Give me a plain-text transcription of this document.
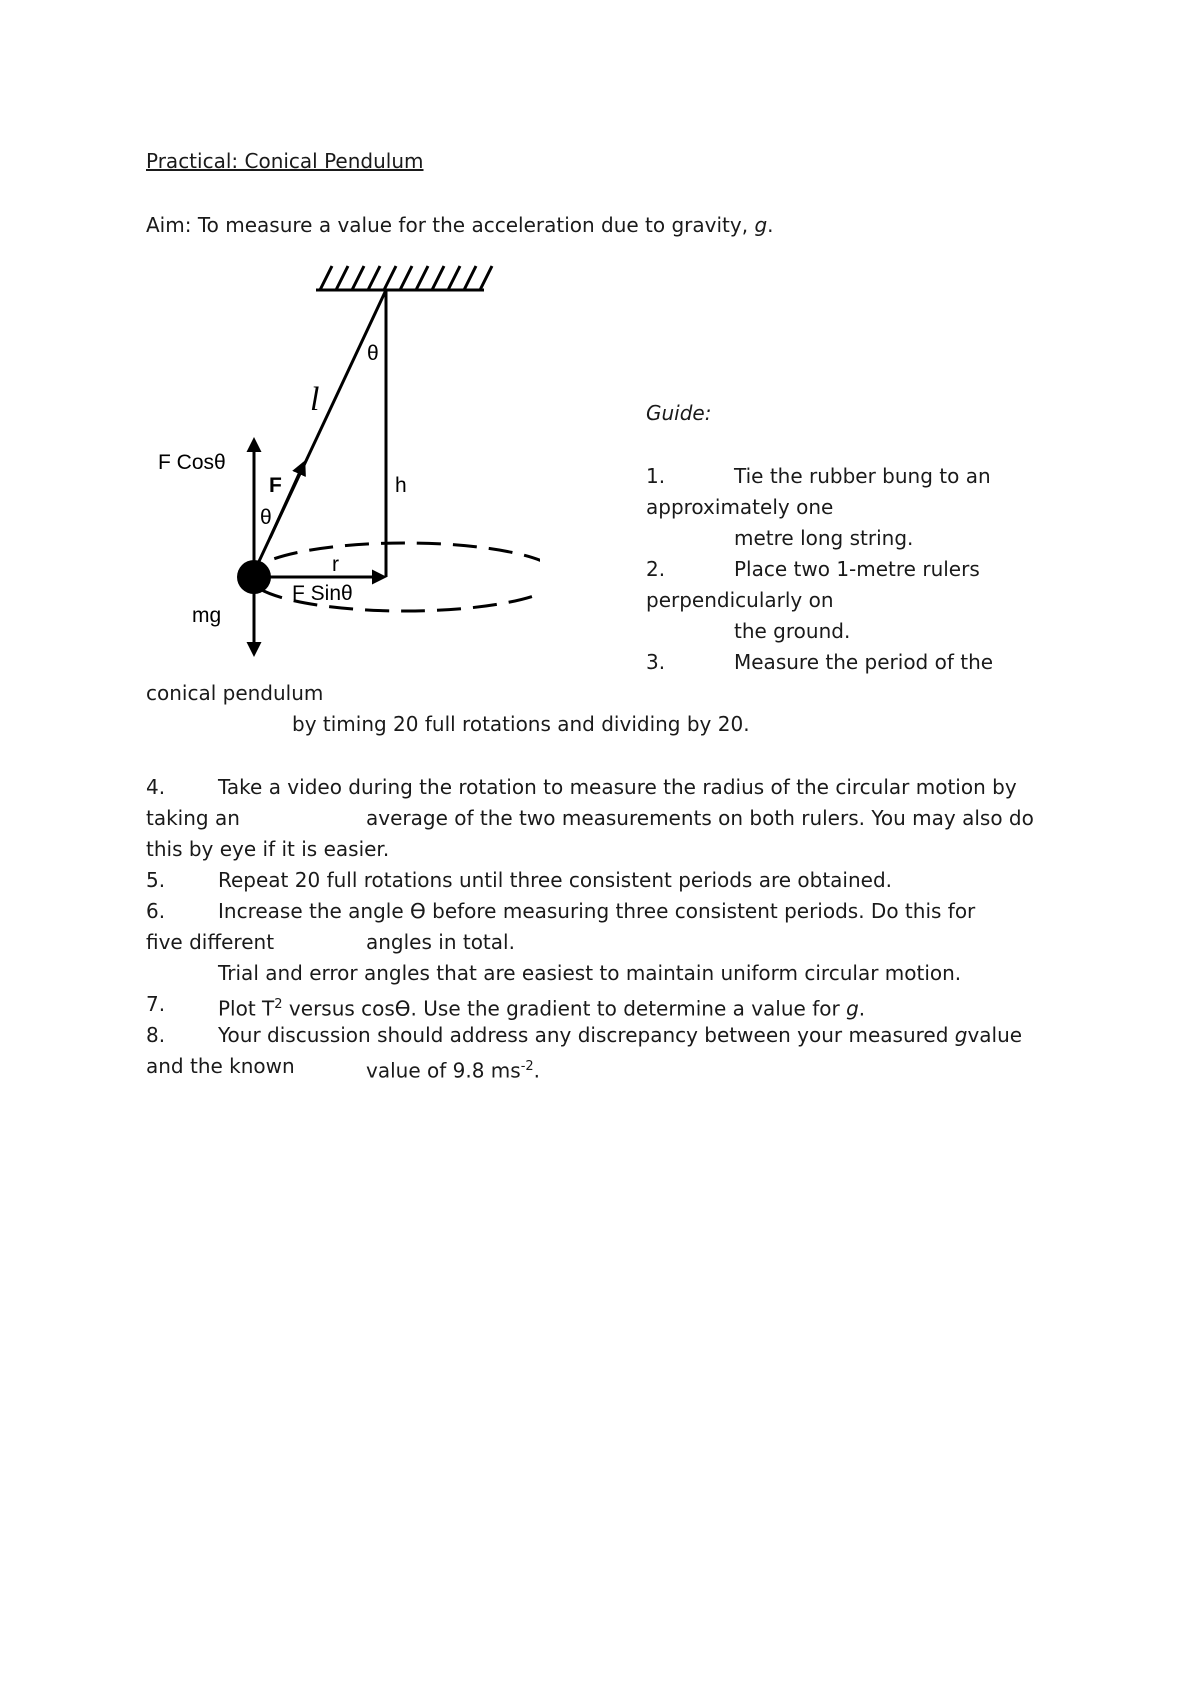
Practical: Conical Pendulum
Aim: To measure a value for the acceleration due to gravity, g.
θ
l
F Cosθ
F	h
θ
r
F Sinθ
mg
Guide:
1.	Tie the rubber bung to an
approximately one
metre long string.
2.	Place two 1-metre rulers
perpendicularly on
the ground.
3.	Measure the period of the
conical pendulum
by timing 20 full rotations and dividing by 20.
4.	Take a video during the rotation to measure the radius of the circular motion by
taking an	average of the two measurements on both rulers. You may also do
this by eye if it is easier.
5.	Repeat 20 full rotations until three consistent periods are obtained.
6.	Increase the angle ϴ before measuring three consistent periods. Do this for
five different	angles in total.
Trial and error angles that are easiest to maintain uniform circular motion.
7.	Plot $T^2$ versus cosϴ. Use the gradient to determine a value for g.
8.	Your discussion should address any discrepancy between your measured gvalue
and the known	value of 9.8 $ms^{-2}$.
